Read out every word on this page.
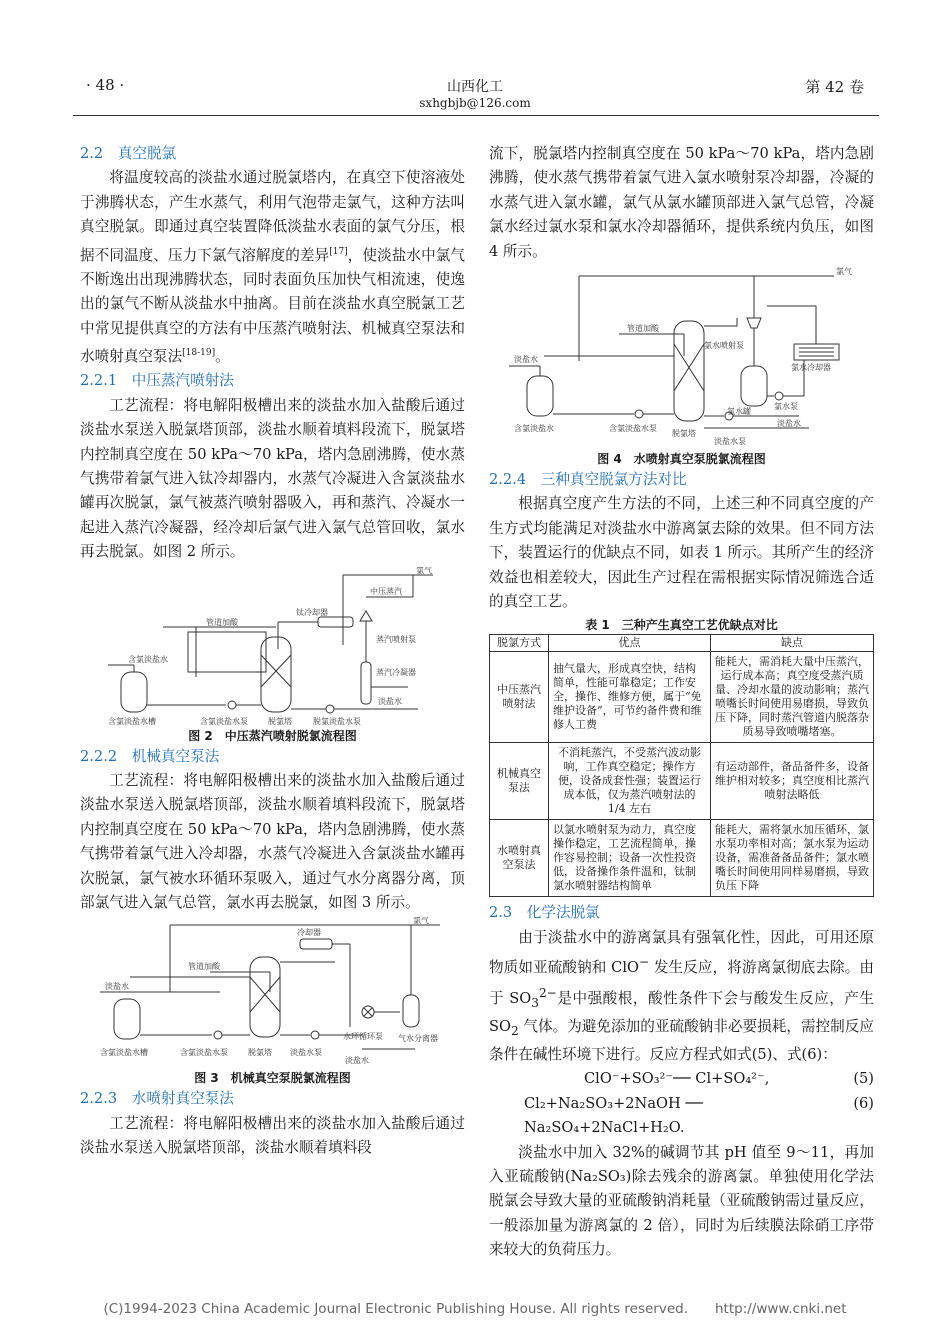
· 48 ·	山西化工
sxhgbjb@126.com
第 42 卷
2.2　真空脱氯

将温度较高的淡盐水通过脱氯塔内，在真空下使溶液处于沸腾状态，产生水蒸气，利用气泡带走氯气，这种方法叫真空脱氯。即通过真空装置降低淡盐水表面的氯气分压，根据不同温度、压力下氯气溶解度的差异[17]，使淡盐水中氯气不断逸出出现沸腾状态，同时表面负压加快气相流速，使逸出的氯气不断从淡盐水中抽离。目前在淡盐水真空脱氯工艺中常见提供真空的方法有中压蒸汽喷射法、机械真空泵法和水喷射真空泵法[18-19]。

2.2.1　中压蒸汽喷射法

工艺流程：将电解阳极槽出来的淡盐水加入盐酸后通过淡盐水泵送入脱氯塔顶部，淡盐水顺着填料段流下，脱氯塔内控制真空度在 50 kPa～70 kPa，塔内急剧沸腾，使水蒸气携带着氯气进入钛冷却器内，水蒸气冷凝进入含氯淡盐水罐再次脱氯，氯气被蒸汽喷射器吸入，再和蒸汽、冷凝水一起进入蒸汽冷凝器，经冷却后氯气进入氯气总管回收，氯水再去脱氯。如图 2 所示。

氯气
中压蒸汽
钛冷却器
管道加酸
蒸汽喷射泵
含氯淡盐水
蒸汽冷凝器
淡盐水
含氯淡盐水槽	含氯淡盐水泵	脱氯塔	脱氯淡盐水泵
图 2　中压蒸汽喷射脱氯流程图
2.2.2　机械真空泵法

工艺流程：将电解阳极槽出来的淡盐水加入盐酸后通过淡盐水泵送入脱氯塔顶部，淡盐水顺着填料段流下，脱氯塔内控制真空度在 50 kPa～70 kPa，塔内急剧沸腾，使水蒸气携带着氯气进入冷却器，水蒸气冷凝进入含氯淡盐水罐再次脱氯，氯气被水环循环泵吸入，通过气水分离器分离，顶部氯气进入氯气总管，氯水再去脱氯，如图 3 所示。

氯气
冷却器
管道加酸
淡盐水
含氯淡盐水槽	含氯淡盐水泵	脱氯塔 淡盐水泵
水环循环泵 气水分离器
淡盐水
图 3　机械真空泵脱氯流程图
2.2.3　水喷射真空泵法

工艺流程：将电解阳极槽出来的淡盐水加入盐酸后通过淡盐水泵送入脱氯塔顶部，淡盐水顺着填料段

流下，脱氯塔内控制真空度在 50 kPa～70 kPa，塔内急剧沸腾，使水蒸气携带着氯气进入氯水喷射泵冷却器，冷凝的水蒸气进入氯水罐，氯气从氯水罐顶部进入氯气总管，冷凝氯水经过氯水泵和氯水冷却器循环，提供系统内负压，如图 4 所示。

氯气
管道加酸
氯水喷射泵
淡盐水
氯水冷却器
氯水罐
氯水泵
含氯淡盐水	含氯淡盐水泵
脱氯塔
淡盐水
淡盐水泵
图 4　水喷射真空泵脱氯流程图
2.2.4　三种真空脱氯方法对比

根据真空度产生方法的不同，上述三种不同真空度的产生方式均能满足对淡盐水中游离氯去除的效果。但不同方法下，装置运行的优缺点不同，如表 1 所示。其所产生的经济效益也相差较大，因此生产过程在需根据实际情况筛选合适的真空工艺。

表 1　三种产生真空工艺优缺点对比
脱氯方式	优点	缺点
中压蒸汽喷射法	抽气量大，形成真空快，结构简单，性能可靠稳定；工作安全，操作、维修方便，属于“免维护设备”，可节约备件费和维修人工费	能耗大，需消耗大量中压蒸汽，运行成本高；真空度受蒸汽质量、冷却水量的波动影响；蒸汽喷嘴长时间使用易磨损，导致负压下降，同时蒸汽管道内脱落杂质易导致喷嘴堵塞。
机械真空泵法	不消耗蒸汽，不受蒸汽波动影响，工作真空稳定；操作方便，设备成套性强；装置运行成本低，仅为蒸汽喷射法的 1/4 左右	有运动部件，备品备件多，设备维护相对较多；真空度相比蒸汽喷射法略低
水喷射真空泵法	以氯水喷射泵为动力，真空度操作稳定，工艺流程简单，操作容易控制；设备一次性投资低，设备操作条件温和，钛制氯水喷射器结构简单	能耗大，需将氯水加压循环，氯水泵功率相对高；氯水泵为运动设备，需准备备品备件；氯水喷嘴长时间使用同样易磨损，导致负压下降
2.3　化学法脱氯

由于淡盐水中的游离氯具有强氧化性，因此，可用还原物质如亚硫酸钠和 ClO− 发生反应，将游离氯彻底去除。由于 $SO_3^{2-}$是中强酸根，酸性条件下会与酸发生反应，产生 $SO_2$ 气体。为避免添加的亚硫酸钠非必要损耗，需控制反应条件在碱性环境下进行。反应方程式如式(5)、式(6)：

ClO⁻+SO₃²⁻── Cl+SO₄²⁻,	(5)
Cl₂+Na₂SO₃+2NaOH ── Na₂SO₄+2NaCl+H₂O.
(6)

淡盐水中加入 32%的碱调节其 pH 值至 9～11，再加入亚硫酸钠(Na₂SO₃)除去残余的游离氯。单独使用化学法脱氯会导致大量的亚硫酸钠消耗量（亚硫酸钠需过量反应，一般添加量为游离氯的 2 倍），同时为后续膜法除硝工序带来较大的负荷压力。

(C)1994-2023 China Academic Journal Electronic Publishing House. All rights reserved.　　http://www.cnki.net
